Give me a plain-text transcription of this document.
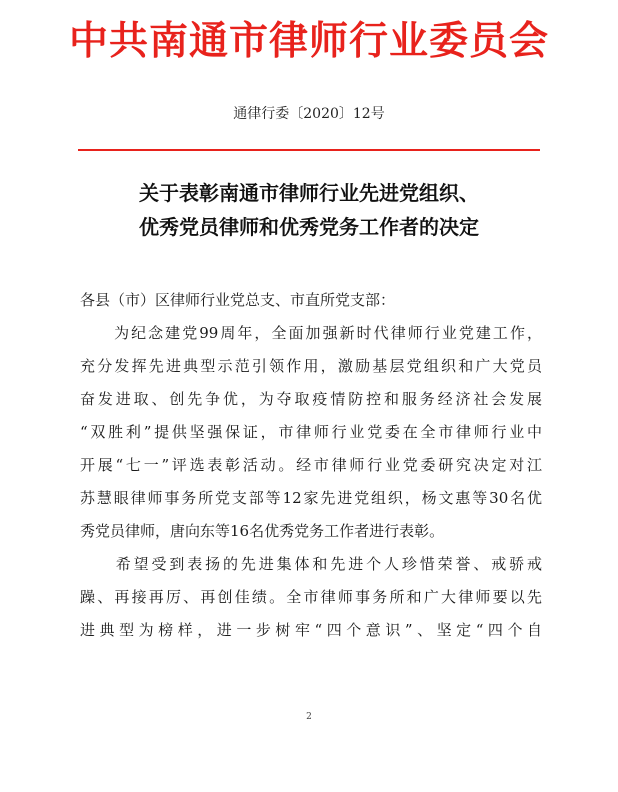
中共南通市律师行业委员会
通律行委〔2020〕12号
关于表彰南通市律师行业先进党组织、
优秀党员律师和优秀党务工作者的决定
各县（市）区律师行业党总支、市直所党支部：
　　为纪念建党99周年，全面加强新时代律师行业党建工作，
充分发挥先进典型示范引领作用，激励基层党组织和广大党员
奋发进取、创先争优，为夺取疫情防控和服务经济社会发展
“双胜利”提供坚强保证，市律师行业党委在全市律师行业中
开展“七一”评选表彰活动。经市律师行业党委研究决定对江
苏慧眼律师事务所党支部等12家先进党组织，杨文惠等30名优
秀党员律师，唐向东等16名优秀党务工作者进行表彰。
　　希望受到表扬的先进集体和先进个人珍惜荣誉、戒骄戒
躁、再接再厉、再创佳绩。全市律师事务所和广大律师要以先
进典型为榜样，进一步树牢“四个意识”、坚定“四个自
2
